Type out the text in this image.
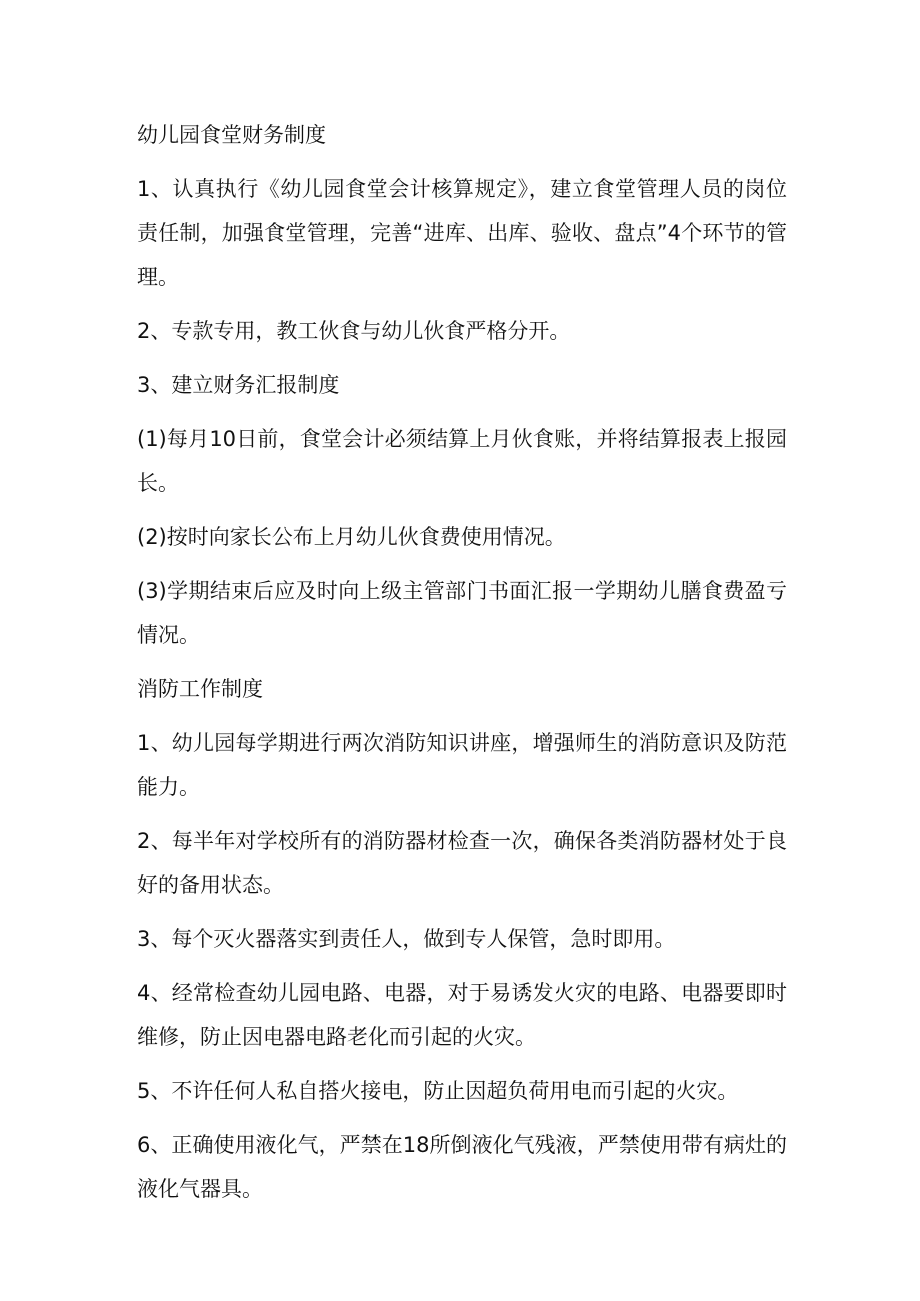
幼儿园食堂财务制度
1、认真执行《幼儿园食堂会计核算规定》，建立食堂管理人员的岗位责任制，加强食堂管理，完善“进库、出库、验收、盘点”4个环节的管理。
2、专款专用，教工伙食与幼儿伙食严格分开。
3、建立财务汇报制度
(1)每月10日前，食堂会计必须结算上月伙食账，并将结算报表上报园长。
(2)按时向家长公布上月幼儿伙食费使用情况。
(3)学期结束后应及时向上级主管部门书面汇报一学期幼儿膳食费盈亏情况。
消防工作制度
1、幼儿园每学期进行两次消防知识讲座，增强师生的消防意识及防范能力。
2、每半年对学校所有的消防器材检查一次，确保各类消防器材处于良好的备用状态。
3、每个灭火器落实到责任人，做到专人保管，急时即用。
4、经常检查幼儿园电路、电器，对于易诱发火灾的电路、电器要即时维修，防止因电器电路老化而引起的火灾。
5、不许任何人私自搭火接电，防止因超负荷用电而引起的火灾。
6、正确使用液化气，严禁在18所倒液化气残液，严禁使用带有病灶的液化气器具。
